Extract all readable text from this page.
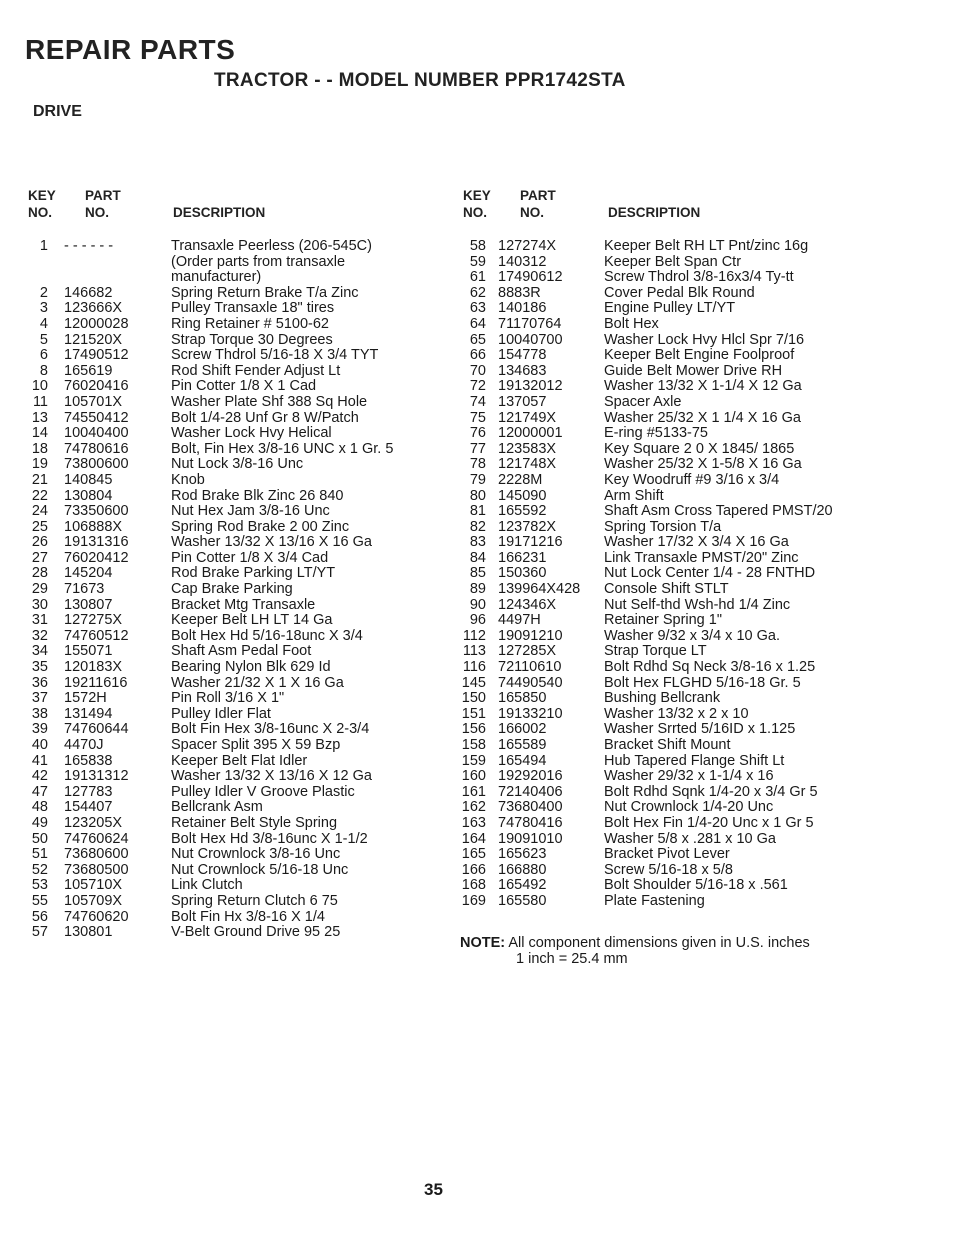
REPAIR PARTS
TRACTOR - - MODEL NUMBER PPR1742STA
DRIVE
KEY
NO.
PART
NO.	DESCRIPTION
KEY
NO.
PART
NO.	DESCRIPTION
1 - - - - - -	Transaxle Peerless (206-545C)
(Order parts from transaxle
manufacturer)
2 146682	Spring Return Brake T/a Zinc
3 123666X	Pulley Transaxle 18" tires
4 12000028	Ring Retainer # 5100-62
5 121520X	Strap Torque 30 Degrees
6 17490512	Screw Thdrol 5/16-18 X 3/4 TYT
8 165619	Rod Shift Fender Adjust Lt
10 76020416	Pin Cotter 1/8 X 1 Cad
11 105701X	Washer Plate Shf 388 Sq Hole
13 74550412	Bolt 1/4-28 Unf Gr 8 W/Patch
14 10040400	Washer Lock Hvy Helical
18 74780616	Bolt, Fin Hex 3/8-16 UNC x 1 Gr. 5
19 73800600	Nut Lock 3/8-16 Unc
21 140845	Knob
22 130804	Rod Brake Blk Zinc 26 840
24 73350600	Nut Hex Jam 3/8-16 Unc
25 106888X	Spring Rod Brake 2 00 Zinc
26 19131316	Washer 13/32 X 13/16 X 16 Ga
27 76020412	Pin Cotter 1/8 X 3/4 Cad
28 145204	Rod Brake Parking LT/YT
29 71673	Cap Brake Parking
30 130807	Bracket Mtg Transaxle
31 127275X	Keeper Belt LH LT 14 Ga
32 74760512	Bolt Hex Hd 5/16-18unc X 3/4
34 155071	Shaft Asm Pedal Foot
35 120183X	Bearing Nylon Blk 629 Id
36 19211616	Washer 21/32 X 1 X 16 Ga
37 1572H	Pin Roll 3/16 X 1"
38 131494	Pulley Idler Flat
39 74760644	Bolt Fin Hex 3/8-16unc X 2-3/4
40 4470J	Spacer Split 395 X 59 Bzp
41 165838	Keeper Belt Flat Idler
42 19131312	Washer 13/32 X 13/16 X 12 Ga
47 127783	Pulley Idler V Groove Plastic
48 154407	Bellcrank Asm
49 123205X	Retainer Belt Style Spring
50 74760624	Bolt Hex Hd 3/8-16unc X 1-1/2
51 73680600	Nut Crownlock 3/8-16 Unc
52 73680500	Nut Crownlock 5/16-18 Unc
53 105710X	Link Clutch
55 105709X	Spring Return Clutch 6 75
56 74760620	Bolt Fin Hx 3/8-16 X 1/4
57 130801	V-Belt Ground Drive 95 25
58 127274X	Keeper Belt RH LT Pnt/zinc 16g
59 140312	Keeper Belt Span Ctr
61 17490612	Screw Thdrol 3/8-16x3/4 Ty-tt
62 8883R	Cover Pedal Blk Round
63 140186	Engine Pulley LT/YT
64 71170764	Bolt Hex
65 10040700	Washer Lock Hvy Hlcl Spr 7/16
66 154778	Keeper Belt Engine Foolproof
70 134683	Guide Belt Mower Drive RH
72 19132012	Washer 13/32 X 1-1/4 X 12 Ga
74 137057	Spacer Axle
75 121749X	Washer 25/32 X 1 1/4 X 16 Ga
76 12000001	E-ring #5133-75
77 123583X	Key Square 2 0 X 1845/ 1865
78 121748X	Washer 25/32 X 1-5/8 X 16 Ga
79 2228M	Key Woodruff #9 3/16 x 3/4
80 145090	Arm Shift
81 165592	Shaft Asm Cross Tapered PMST/20
82 123782X	Spring Torsion T/a
83 19171216	Washer 17/32 X 3/4 X 16 Ga
84 166231	Link Transaxle PMST/20" Zinc
85 150360	Nut Lock Center 1/4 - 28 FNTHD
89 139964X428 Console Shift STLT
90 124346X	Nut Self-thd Wsh-hd 1/4 Zinc
96 4497H	Retainer Spring 1"
112 19091210	Washer 9/32 x 3/4 x 10 Ga.
113 127285X	Strap Torque LT
116 72110610	Bolt Rdhd Sq Neck 3/8-16 x 1.25
145 74490540	Bolt Hex FLGHD 5/16-18 Gr. 5
150 165850	Bushing Bellcrank
151 19133210	Washer 13/32 x 2 x 10
156 166002	Washer Srrted 5/16ID x 1.125
158 165589	Bracket Shift Mount
159 165494	Hub Tapered Flange Shift Lt
160 19292016	Washer 29/32 x 1-1/4 x 16
161 72140406	Bolt Rdhd Sqnk 1/4-20 x 3/4 Gr 5
162 73680400	Nut Crownlock 1/4-20 Unc
163 74780416	Bolt Hex Fin 1/4-20 Unc x 1 Gr 5
164 19091010	Washer 5/8 x .281 x 10 Ga
165 165623	Bracket Pivot Lever
166 166880	Screw 5/16-18 x 5/8
168 165492	Bolt Shoulder 5/16-18 x .561
169 165580	Plate Fastening
NOTE: All component dimensions given in U.S. inches
1 inch = 25.4 mm
35
